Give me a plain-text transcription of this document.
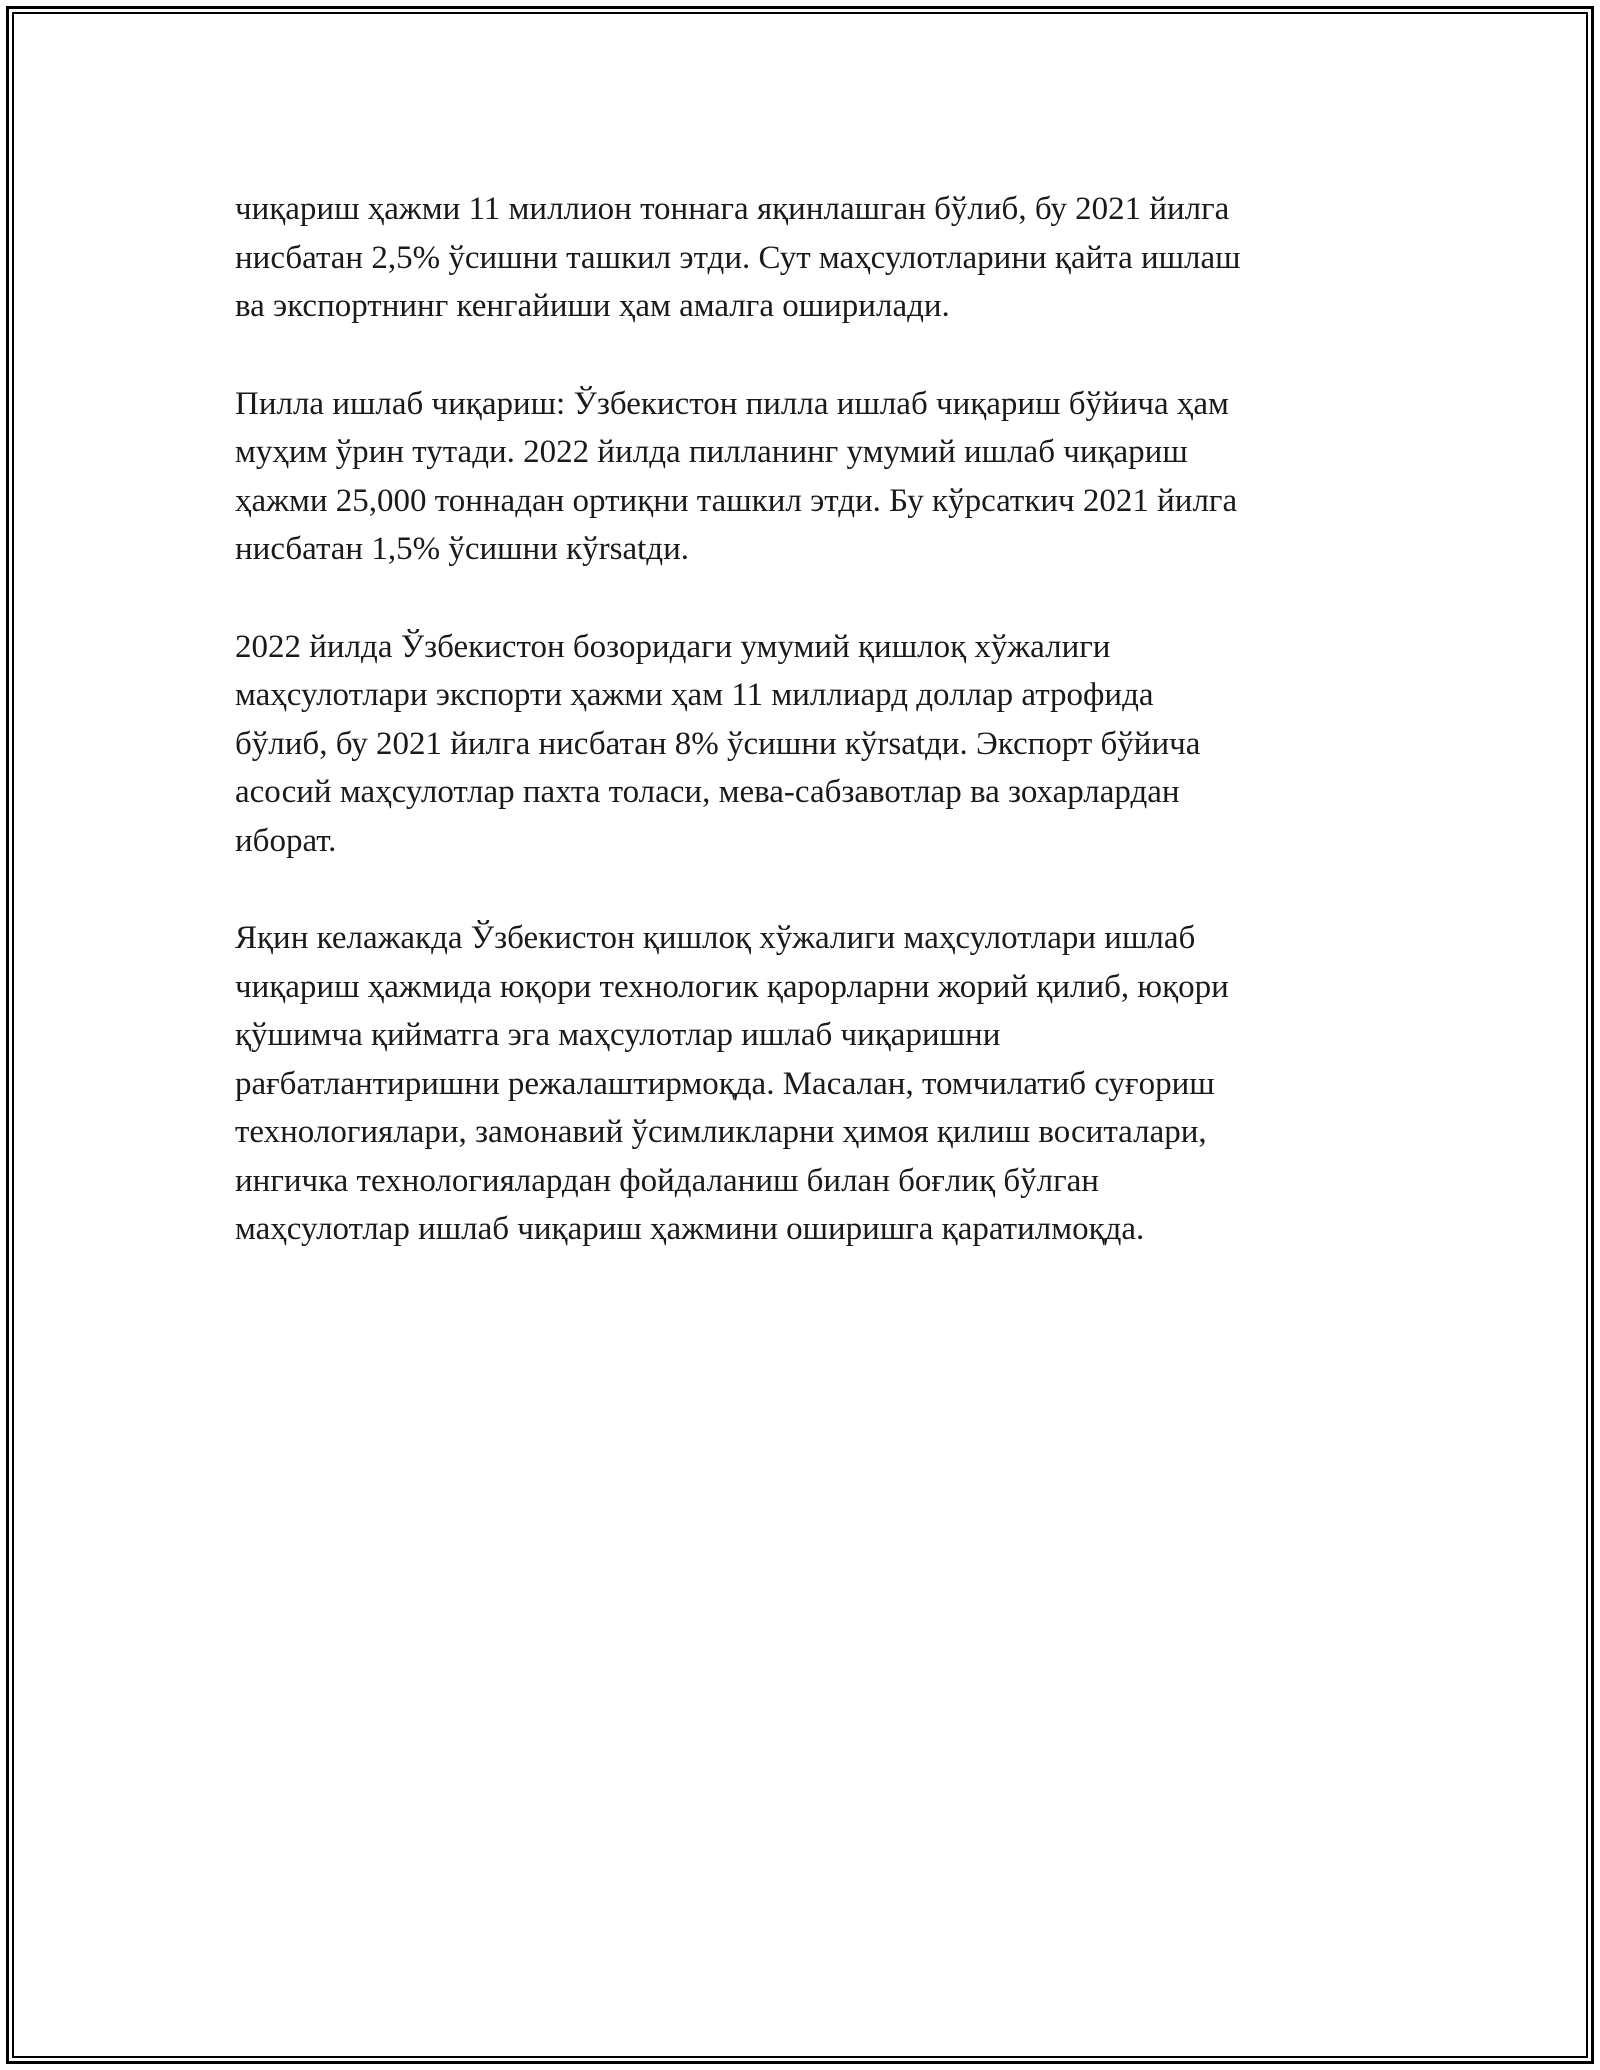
чиқариш ҳажми 11 миллион тоннага яқинлашган бўлиб, бу 2021 йилга
нисбатан 2,5% ўсишни ташкил этди. Сут маҳсулотларини қайта ишлаш
ва экспортнинг кенгайиши ҳам амалга оширилади.

Пилла ишлаб чиқариш: Ўзбекистон пилла ишлаб чиқариш бўйича ҳам
муҳим ўрин тутади. 2022 йилда пилланинг умумий ишлаб чиқариш
ҳажми 25,000 тоннадан ортиқни ташкил этди. Бу кўрсаткич 2021 йилга
нисбатан 1,5% ўсишни кўrsatди.

2022 йилда Ўзбекистон бозоридаги умумий қишлоқ хўжалиги
маҳсулотлари экспорти ҳажми ҳам 11 миллиард доллар атрофида
бўлиб, бу 2021 йилга нисбатан 8% ўсишни кўrsatди. Экспорт бўйича
асосий маҳсулотлар пахта толаси, мева-сабзавотлар ва зохарлардан
иборат.

Яқин келажакда Ўзбекистон қишлоқ хўжалиги маҳсулотлари ишлаб
чиқариш ҳажмида юқори технологик қарорларни жорий қилиб, юқори
қўшимча қийматга эга маҳсулотлар ишлаб чиқаришни
рағбатлантиришни режалаштирмоқда. Масалан, томчилатиб суғориш
технологиялари, замонавий ўсимликларни ҳимоя қилиш воситалари,
ингичка технологиялардан фойдаланиш билан боғлиқ бўлган
маҳсулотлар ишлаб чиқариш ҳажмини оширишга қаратилмоқда.
